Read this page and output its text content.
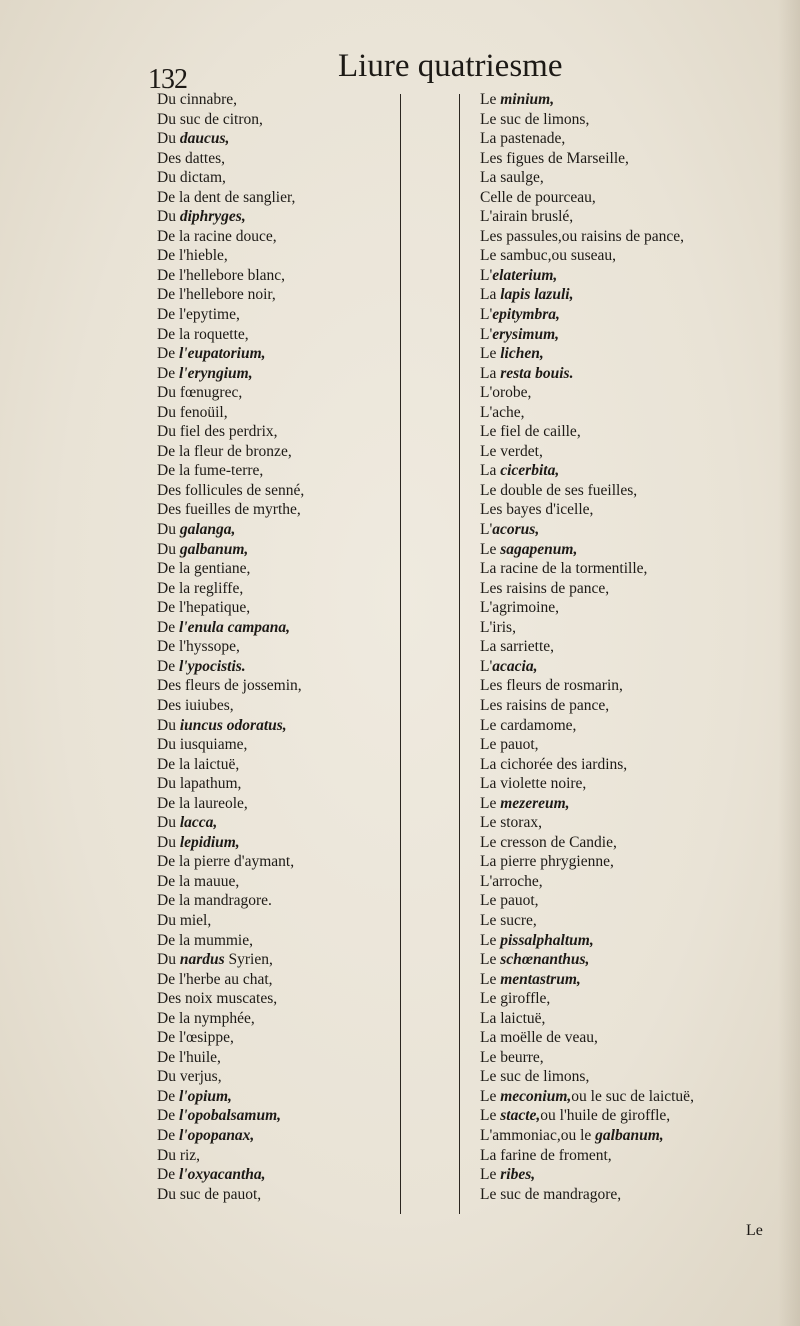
132	Liure quatriesme
Du cinnabre,
Du suc de citron,
Du daucus,
Des dattes,
Du dictam,
De la dent de sanglier,
Du diphryges,
De la racine douce,
De l'hieble,
De l'hellebore blanc,
De l'hellebore noir,
De l'epytime,
De la roquette,
De l'eupatorium,
De l'eryngium,
Du fœnugrec,
Du fenoüil,
Du fiel des perdrix,
De la fleur de bronze,
De la fume-terre,
Des follicules de senné,
Des fueilles de myrthe,
Du galanga,
Du galbanum,
De la gentiane,
De la regliffe,
De l'hepatique,
De l'enula campana,
De l'hyssope,
De l'ypocistis.
Des fleurs de jossemin,
Des iuiubes,
Du iuncus odoratus,
Du iusquiame,
De la laictuë,
Du lapathum,
De la laureole,
Du lacca,
Du lepidium,
De la pierre d'aymant,
De la mauue,
De la mandragore.
Du miel,
De la mummie,
Du nardus Syrien,
De l'herbe au chat,
Des noix muscates,
De la nymphée,
De l'œsippe,
De l'huile,
Du verjus,
De l'opium,
De l'opobalsamum,
De l'opopanax,
Du riz,
De l'oxyacantha,
Du suc de pauot,
Le minium,
Le suc de limons,
La pastenade,
Les figues de Marseille,
La saulge,
Celle de pourceau,
L'airain bruslé,
Les passules,ou raisins de pance,
Le sambuc,ou suseau,
L'elaterium,
La lapis lazuli,
L'epitymbra,
L'erysimum,
Le lichen,
La resta bouis.
L'orobe,
L'ache,
Le fiel de caille,
Le verdet,
La cicerbita,
Le double de ses fueilles,
Les bayes d'icelle,
L'acorus,
Le sagapenum,
La racine de la tormentille,
Les raisins de pance,
L'agrimoine,
L'iris,
La sarriette,
L'acacia,
Les fleurs de rosmarin,
Les raisins de pance,
Le cardamome,
Le pauot,
La cichorée des iardins,
La violette noire,
Le mezereum,
Le storax,
Le cresson de Candie,
La pierre phrygienne,
L'arroche,
Le pauot,
Le sucre,
Le pissalphaltum,
Le schœnanthus,
Le mentastrum,
Le giroffle,
La laictuë,
La moëlle de veau,
Le beurre,
Le suc de limons,
Le meconium,ou le suc de laictuë,
Le stacte,ou l'huile de giroffle,
L'ammoniac,ou le galbanum,
La farine de froment,
Le ribes,
Le suc de mandragore,
Le
